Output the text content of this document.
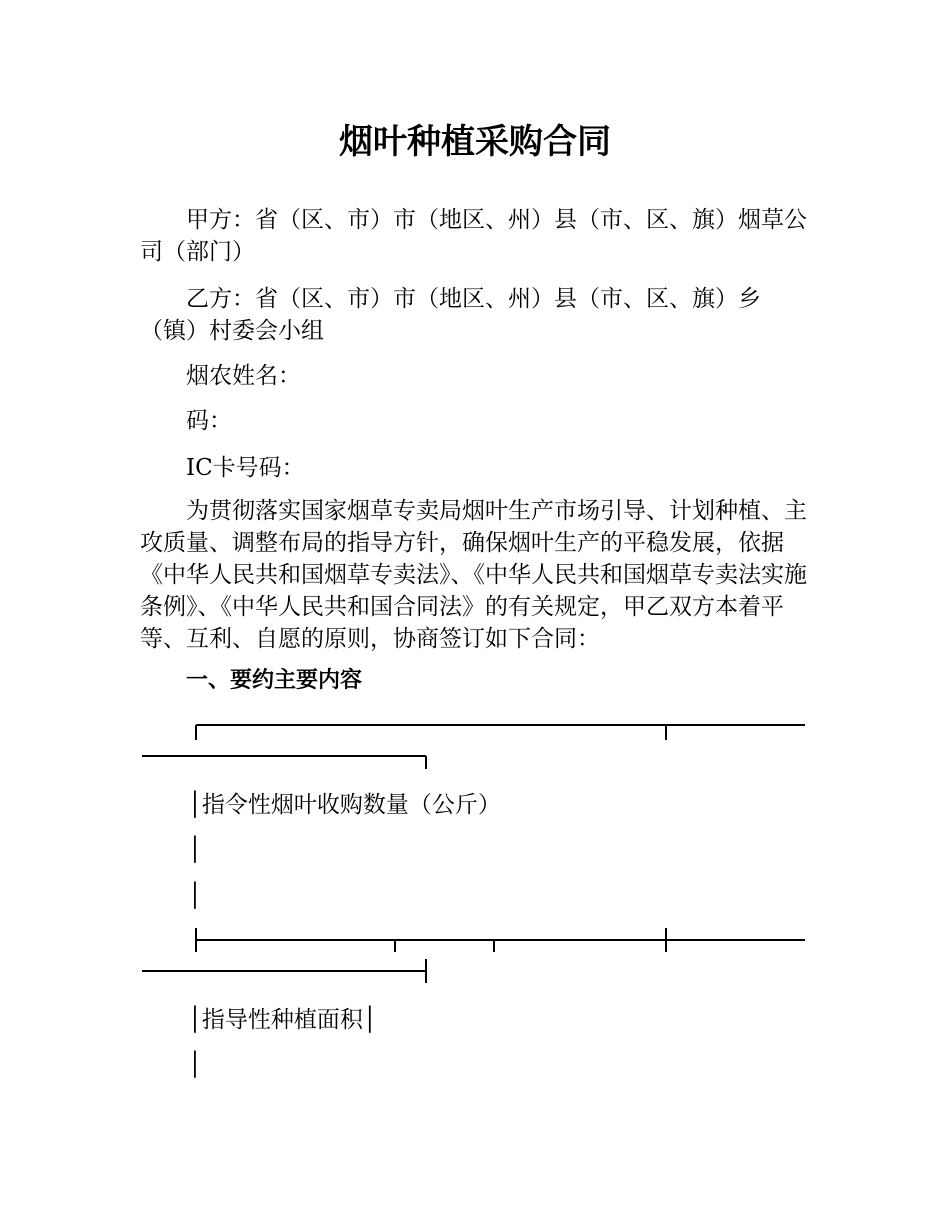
烟叶种植采购合同

甲方：省（区、市）市（地区、州）县（市、区、旗）烟草公司（部门）

乙方：省（区、市）市（地区、州）县（市、区、旗）乡（镇）村委会小组

烟农姓名：

码：

IC卡号码：

为贯彻落实国家烟草专卖局烟叶生产市场引导、计划种植、主攻质量、调整布局的指导方针，确保烟叶生产的平稳发展，依据《中华人民共和国烟草专卖法》、《中华人民共和国烟草专卖法实施条例》、《中华人民共和国合同法》的有关规定，甲乙双方本着平等、互利、自愿的原则，协商签订如下合同：

一、要约主要内容

│指令性烟叶收购数量（公斤）

│

│

│指导性种植面积│

│
